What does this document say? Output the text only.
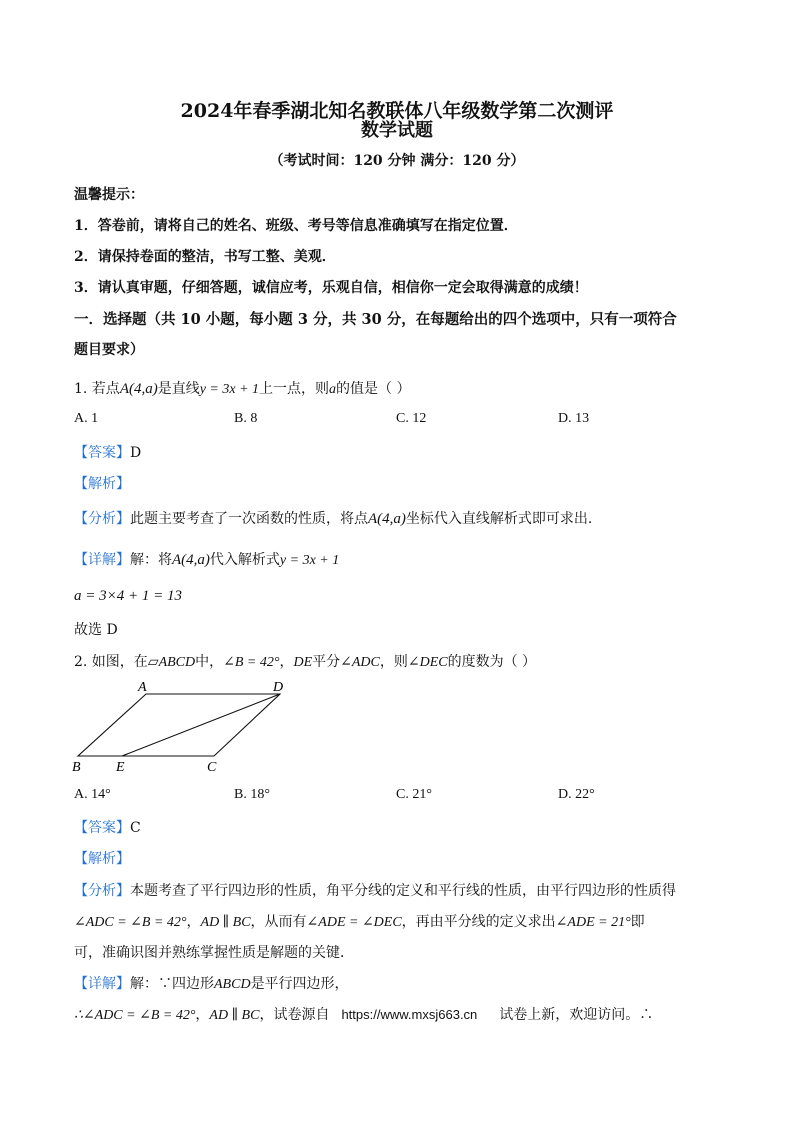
2024年春季湖北知名教联体八年级数学第二次测评
数学试题
（考试时间：120 分钟 满分：120 分）
温馨提示：
1．答卷前，请将自己的姓名、班级、考号等信息准确填写在指定位置．
2．请保持卷面的整洁，书写工整、美观．
3．请认真审题，仔细答题，诚信应考，乐观自信，相信你一定会取得满意的成绩！
一．选择题（共 10 小题，每小题 3 分，共 30 分，在每题给出的四个选项中，只有一项符合
题目要求）
1. 若点A(4,a)是直线y = 3x + 1上一点，则a的值是（ ）
A. 1	B. 8	C. 12	D. 13
【答案】D
【解析】
【分析】此题主要考查了一次函数的性质，将点A(4,a)坐标代入直线解析式即可求出.
【详解】解：将A(4,a)代入解析式y = 3x + 1
a = 3×4 + 1 = 13
故选 D
2. 如图，在▱ABCD中，∠B = 42°，DE平分∠ADC，则∠DEC的度数为（ ）
A	D
B	E	C
A. 14°	B. 18°	C. 21°	D. 22°
【答案】C
【解析】
【分析】本题考查了平行四边形的性质，角平分线的定义和平行线的性质，由平行四边形的性质得
∠ADC = ∠B = 42°，AD ∥ BC，从而有∠ADE = ∠DEC，再由平分线的定义求出∠ADE = 21°即
可，准确识图并熟练掌握性质是解题的关键．
【详解】解：∵四边形ABCD是平行四边形，
∴∠ADC = ∠B = 42°，AD ∥ BC，试卷源自 https://www.mxsj663.cn 试卷上新，欢迎访问。∴
